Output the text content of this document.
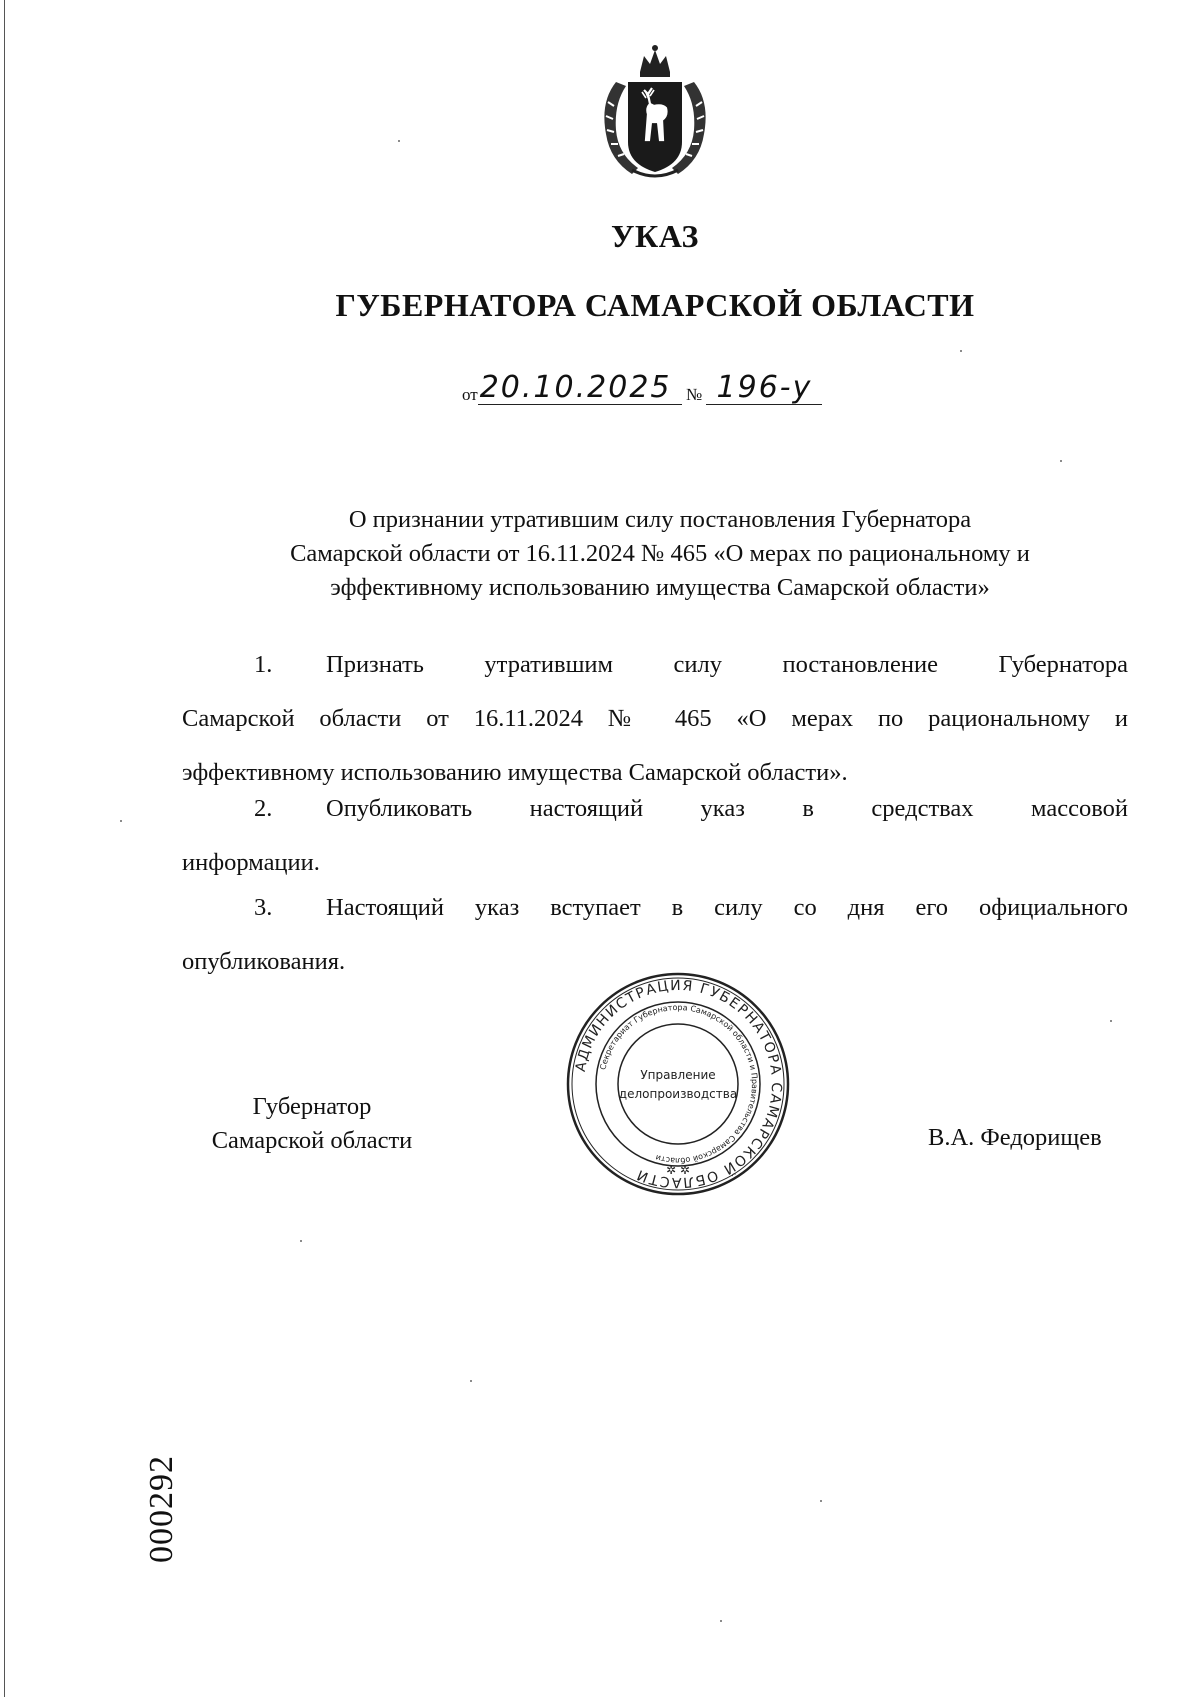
УКАЗ
ГУБЕРНАТОРА САМАРСКОЙ ОБЛАСТИ
от20.10.2025 № 196-у
О признании утратившим силу постановления Губернатора
Самарской области от 16.11.2024 № 465 «О мерах по рациональному и
эффективному использованию имущества Самарской области»
1. Признать утратившим силу постановление Губернатора
Самарской области от 16.11.2024 № 465 «О мерах по рациональному и
эффективному использованию имущества Самарской области».
2. Опубликовать настоящий указ в средствах массовой
информации.
3. Настоящий указ вступает в силу со дня его официального
опубликования.
Губернатор
Самарской области
АДМИНИСТРАЦИЯ ГУБЕРНАТОРА САМАРСКОЙ ОБЛАСТИ
Секретариат Губернатора Самарской области и Правительства Самарской области
Управление
делопроизводства
✲ ✲
В.А. Федорищев
000292
